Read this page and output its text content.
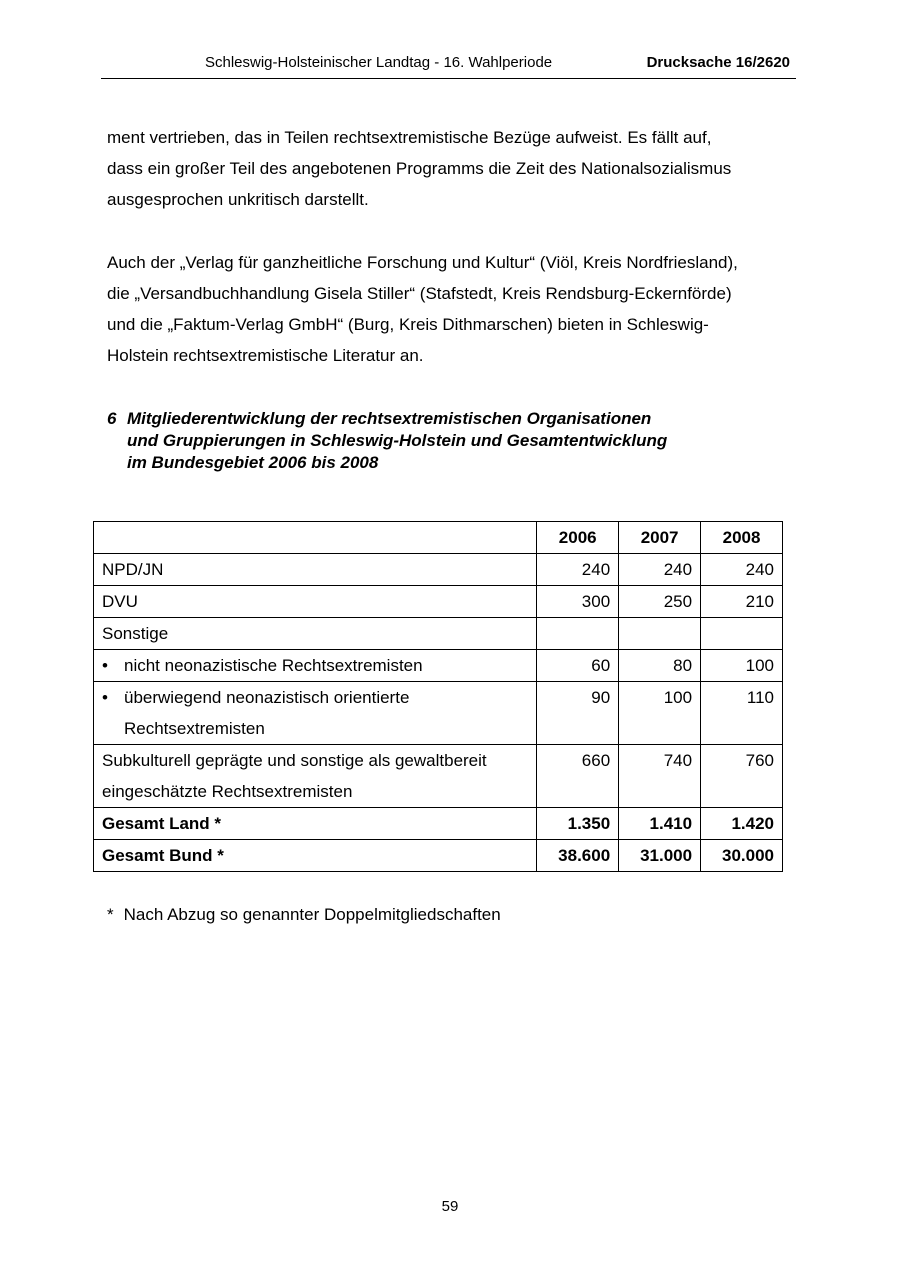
Schleswig-Holsteinischer Landtag - 16. Wahlperiode	Drucksache 16/2620
ment vertrieben, das in Teilen rechtsextremistische Bezüge aufweist. Es fällt auf,
dass ein großer Teil des angebotenen Programms die Zeit des Nationalsozialismus
ausgesprochen unkritisch darstellt.
Auch der „Verlag für ganzheitliche Forschung und Kultur“ (Viöl, Kreis Nordfriesland),
die „Versandbuchhandlung Gisela Stiller“ (Stafstedt, Kreis Rendsburg-Eckernförde)
und die „Faktum-Verlag GmbH“ (Burg, Kreis Dithmarschen) bieten in Schleswig-
Holstein rechtsextremistische Literatur an.
6 Mitgliederentwicklung der rechtsextremistischen Organisationen
und Gruppierungen in Schleswig-Holstein und Gesamtentwicklung
im Bundesgebiet 2006 bis 2008
	2006	2007	2008
NPD/JN	240	240	240
DVU	300	250	210
Sonstige			

• nicht neonazistische Rechtsextremisten	60	80	100

• überwiegend neonazistisch orientierte
Rechtsextremisten	90	100	110
Subkulturell geprägte und sonstige als gewaltbereit
eingeschätzte Rechtsextremisten	660	740	760
Gesamt Land *	1.350	1.410	1.420
Gesamt Bund *	38.600	31.000	30.000
* Nach Abzug so genannter Doppelmitgliedschaften
59
